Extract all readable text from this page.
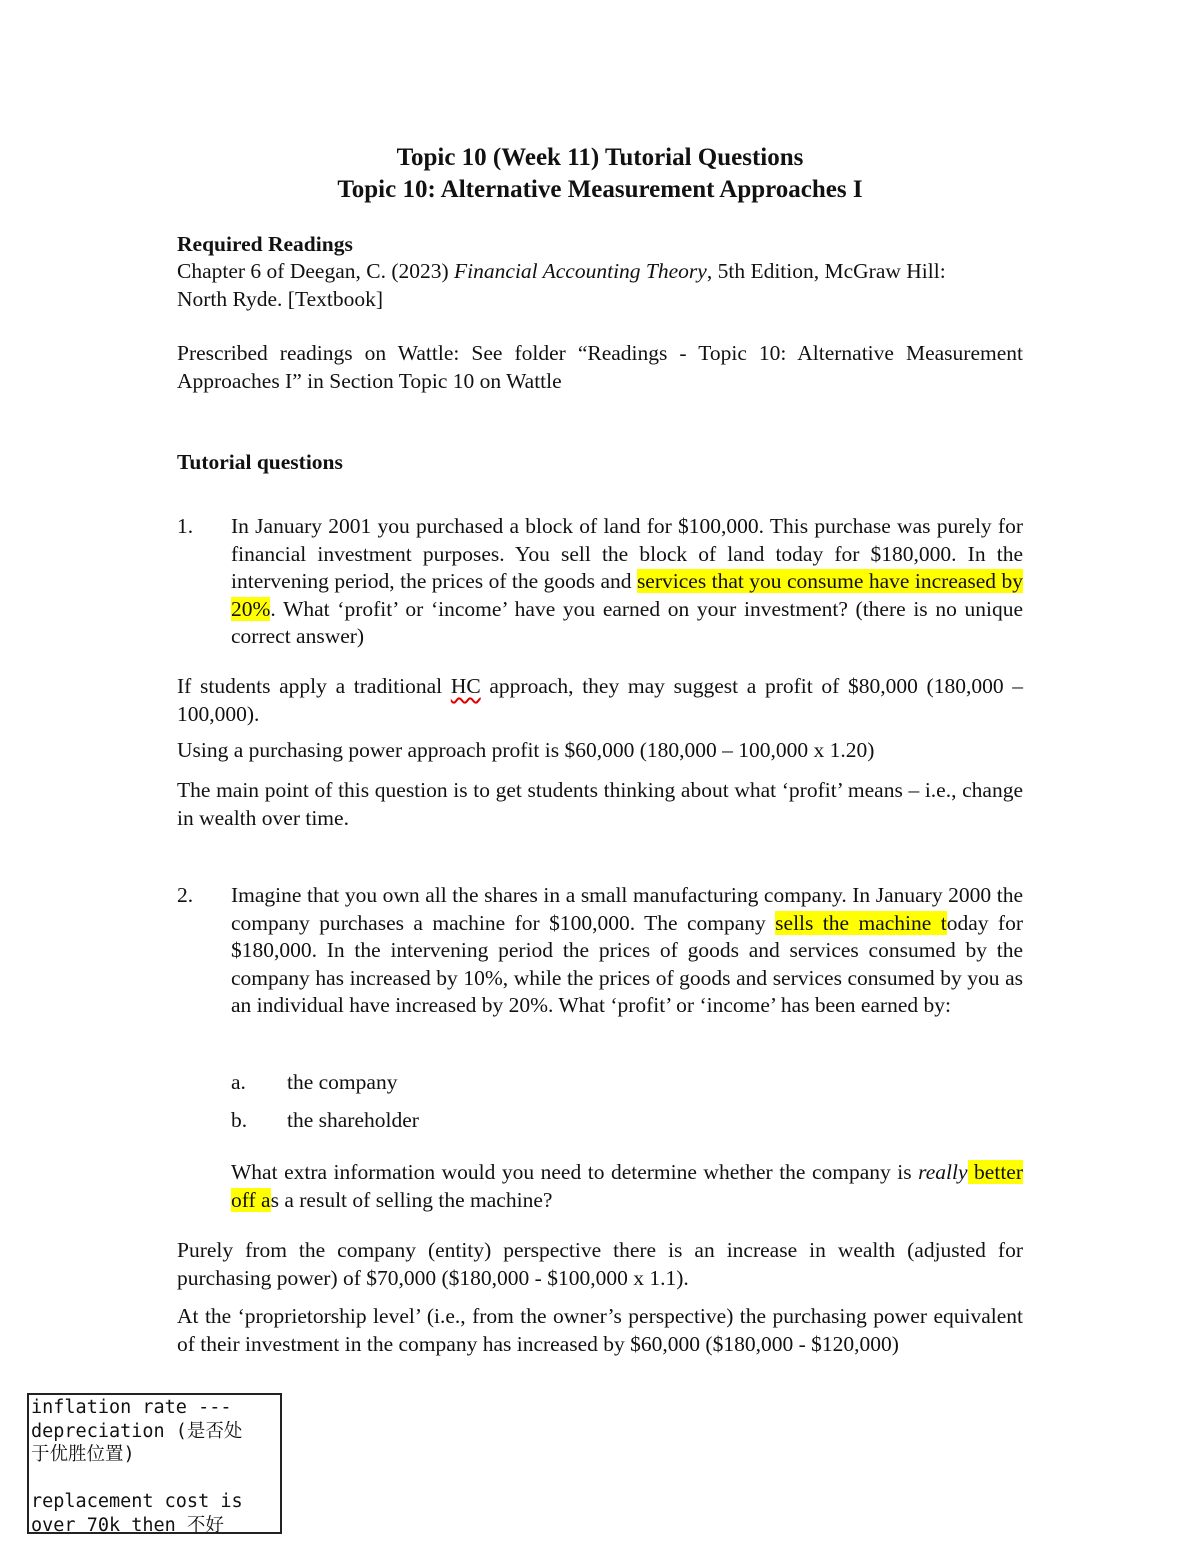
Topic 10 (Week 11) Tutorial Questions
Topic 10: Alternative Measurement Approaches I
Required Readings
Chapter 6 of Deegan, C. (2023) Financial Accounting Theory, 5th Edition, McGraw Hill:
North Ryde. [Textbook]
Prescribed readings on Wattle: See folder “Readings - Topic 10: Alternative Measurement Approaches I” in Section Topic 10 on Wattle
Tutorial questions
1.	In January 2001 you purchased a block of land for $100,000. This purchase was purely for financial investment purposes. You sell the block of land today for $180,000. In the intervening period, the prices of the goods and services that you consume have increased by 20%. What ‘profit’ or ‘income’ have you earned on your investment? (there is no unique correct answer)
If students apply a traditional HC approach, they may suggest a profit of $80,000 (180,000 – 100,000).
Using a purchasing power approach profit is $60,000 (180,000 – 100,000 x 1.20)
The main point of this question is to get students thinking about what ‘profit’ means – i.e., change in wealth over time.
2.	Imagine that you own all the shares in a small manufacturing company. In January 2000 the company purchases a machine for $100,000. The company sells the machine today for $180,000. In the intervening period the prices of goods and services consumed by the company has increased by 10%, while the prices of goods and services consumed by you as an individual have increased by 20%. What ‘profit’ or ‘income’ has been earned by:
a. the company
b. the shareholder
What extra information would you need to determine whether the company is really better off as a result of selling the machine?
Purely from the company (entity) perspective there is an increase in wealth (adjusted for purchasing power) of $70,000 ($180,000 - $100,000 x 1.1).
At the ‘proprietorship level’ (i.e., from the owner’s perspective) the purchasing power equivalent of their investment in the company has increased by $60,000 ($180,000 - $120,000)
inflation rate ---
depreciation (是否处
于优胜位置)
replacement cost is
over 70k then 不好
